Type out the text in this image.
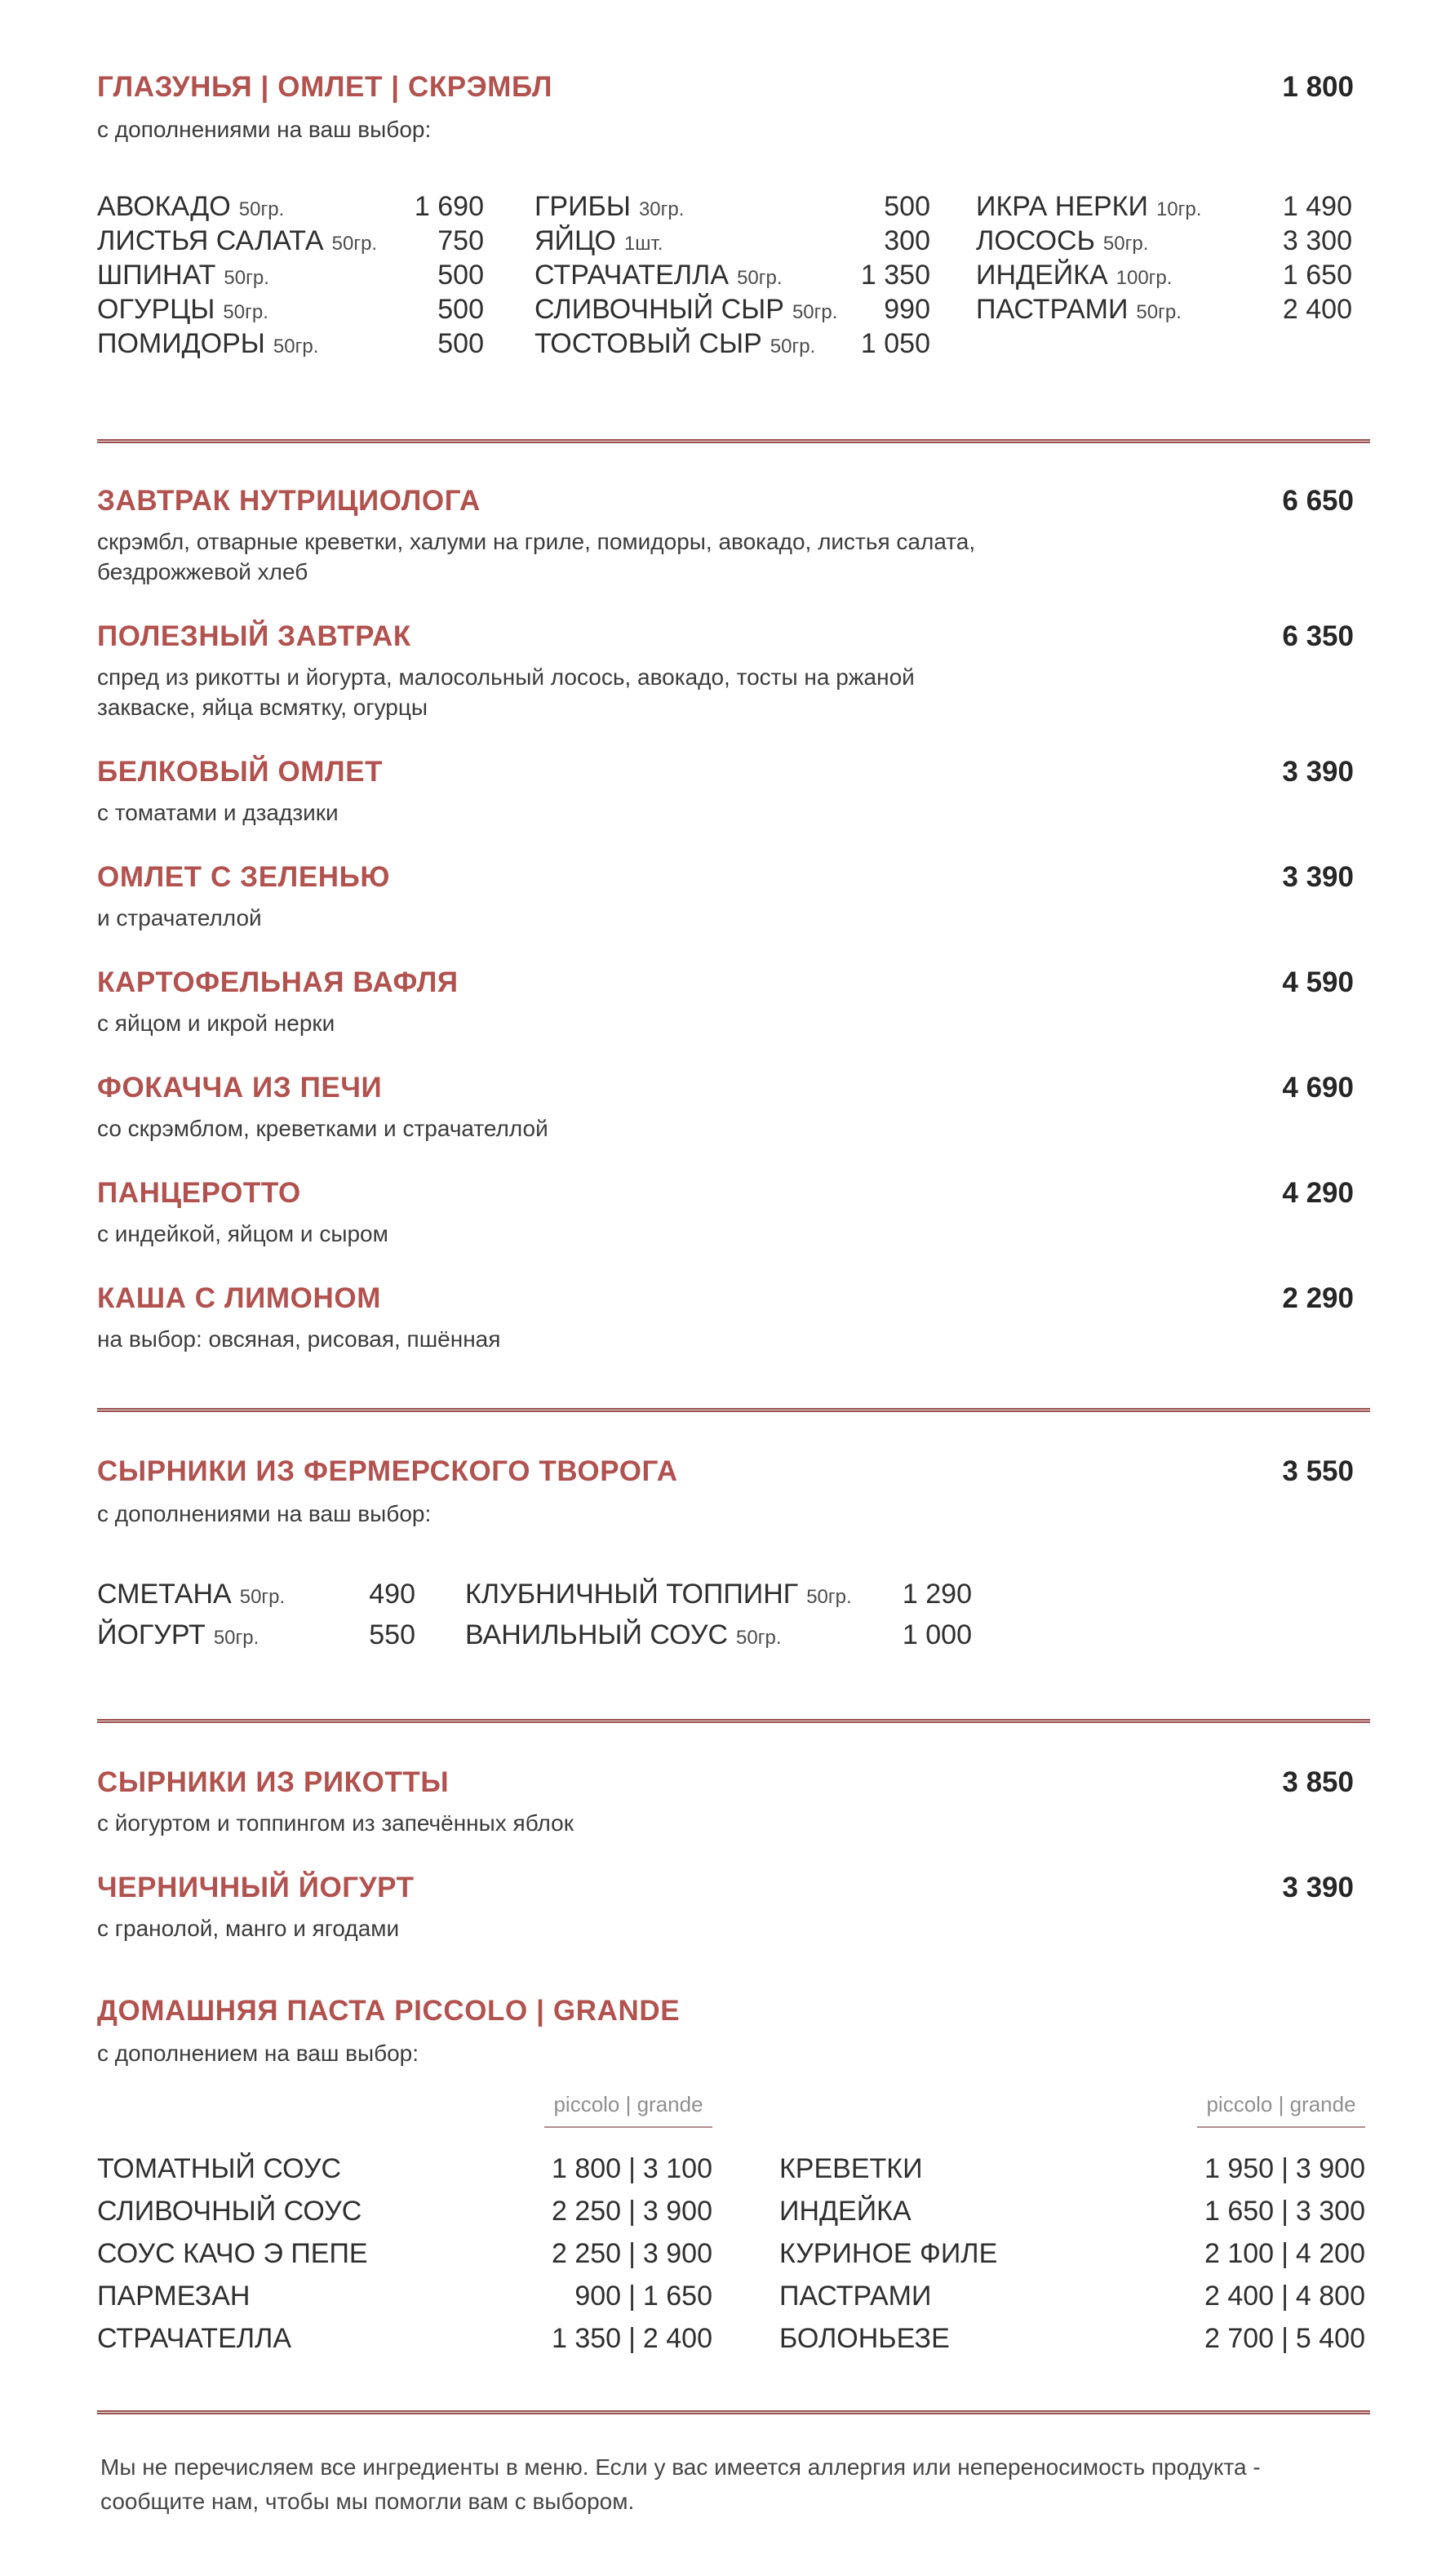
ГЛАЗУНЬЯ | ОМЛЕТ | СКРЭМБЛ	1 800
с дополнениями на ваш выбор:
АВОКАДО 50гр.	1 690
ЛИСТЬЯ САЛАТА 50гр. 750
ШПИНАТ 50гр.	500
ОГУРЦЫ 50гр.	500
ПОМИДОРЫ 50гр.	500
ГРИБЫ 30гр.	500
ЯЙЦО 1шт.	300
СТРАЧАТЕЛЛА 50гр.	1 350
СЛИВОЧНЫЙ СЫР 50гр. 990
ТОСТОВЫЙ СЫР 50гр. 1 050
ИКРА НЕРКИ 10гр.	1 490
ЛОСОСЬ 50гр.	3 300
ИНДЕЙКА 100гр.	1 650
ПАСТРАМИ 50гр.	2 400
ЗАВТРАК НУТРИЦИОЛОГА	6 650

скрэмбл, отварные креветки, халуми на гриле, помидоры, авокадо, листья салата, бездрожжевой хлеб

ПОЛЕЗНЫЙ ЗАВТРАК	6 350

спред из рикотты и йогурта, малосольный лосось, авокадо, тосты на ржаной закваске, яйца всмятку, огурцы

БЕЛКОВЫЙ ОМЛЕТ	3 390

с томатами и дзадзики

ОМЛЕТ С ЗЕЛЕНЬЮ	3 390

и страчателлой

КАРТОФЕЛЬНАЯ ВАФЛЯ	4 590

с яйцом и икрой нерки

ФОКАЧЧА ИЗ ПЕЧИ	4 690

со скрэмблом, креветками и страчателлой

ПАНЦЕРОТТО	4 290

с индейкой, яйцом и сыром

КАША С ЛИМОНОМ	2 290

на выбор: овсяная, рисовая, пшённая

СЫРНИКИ ИЗ ФЕРМЕРСКОГО ТВОРОГА	3 550
с дополнениями на ваш выбор:
СМЕТАНА 50гр.	490
ЙОГУРТ 50гр.	550
КЛУБНИЧНЫЙ ТОППИНГ 50гр. 1 290
ВАНИЛЬНЫЙ СОУС 50гр.	1 000
СЫРНИКИ ИЗ РИКОТТЫ	3 850

с йогуртом и топпингом из запечённых яблок

ЧЕРНИЧНЫЙ ЙОГУРТ	3 390

с гранолой, манго и ягодами

ДОМАШНЯЯ ПАСТА PICCOLO | GRANDE
с дополнением на ваш выбор:
piccolo | grande
ТОМАТНЫЙ СОУС	1 800 | 3 100
СЛИВОЧНЫЙ СОУС	2 250 | 3 900
СОУС КАЧО Э ПЕПЕ	2 250 | 3 900
ПАРМЕЗАН	900 | 1 650
СТРАЧАТЕЛЛА	1 350 | 2 400
piccolo | grande
КРЕВЕТКИ	1 950 | 3 900
ИНДЕЙКА	1 650 | 3 300
КУРИНОЕ ФИЛЕ	2 100 | 4 200
ПАСТРАМИ	2 400 | 4 800
БОЛОНЬЕЗЕ	2 700 | 5 400

Мы не перечисляем все ингредиенты в меню. Если у вас имеется аллергия или непереносимость продукта - сообщите нам, чтобы мы помогли вам с выбором.
